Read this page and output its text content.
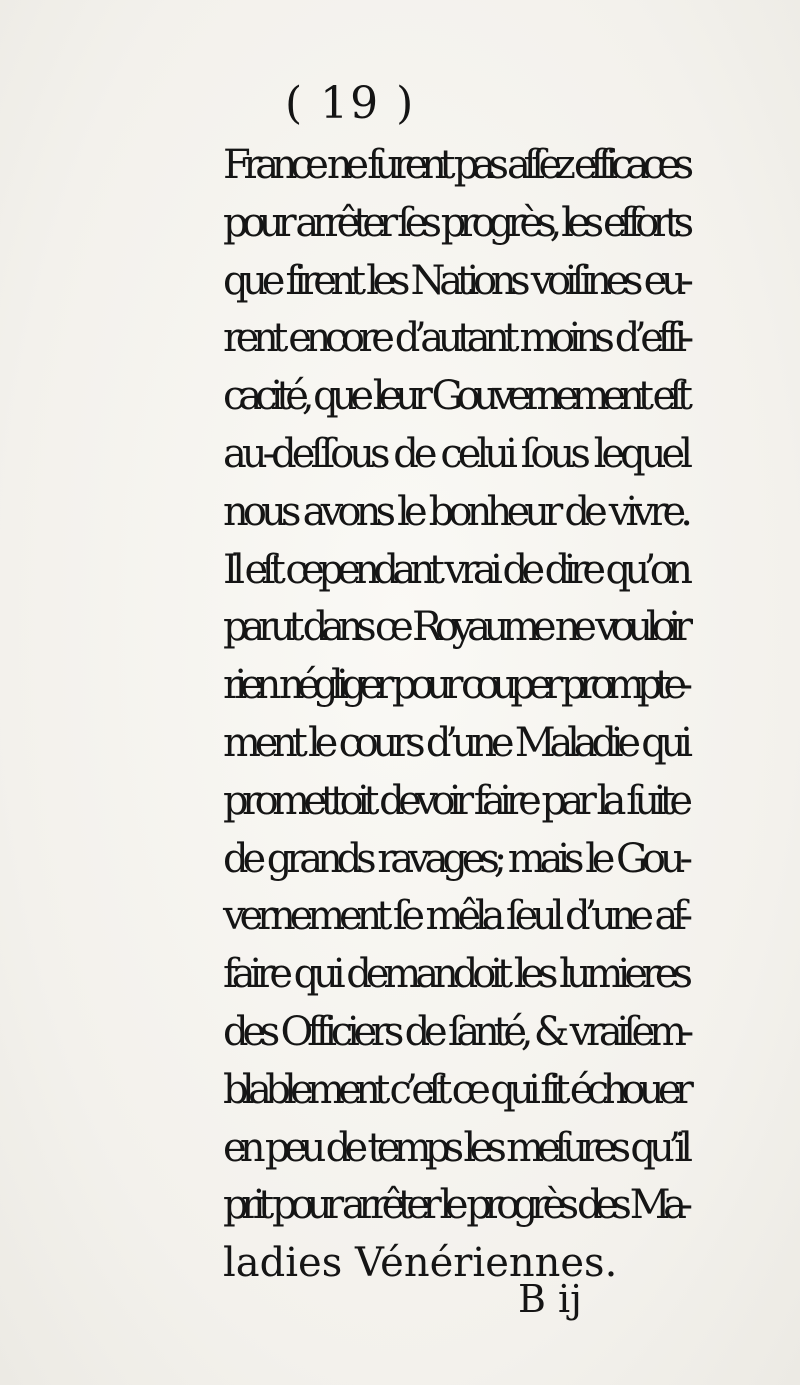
( 19 )

France ne furent pas aſſez efficaces
pour arrêter ſes progrès, les efforts
que firent les Nations voiſines eu-
rent encore d’autant moins d’effi-
cacité, que leur Gouvernement eſt
au-deſſous de celui ſous lequel
nous avons le bonheur de vivre.
Il eſt cependant vrai de dire qu’on
parut dans ce Royaume ne vouloir
rien négliger pour couper prompte-
ment le cours d’une Maladie qui
promettoit devoir faire par la ſuite
de grands ravages; mais le Gou-
vernement ſe mêla ſeul d’une af-
faire qui demandoit les lumieres
des Officiers de ſanté, & vraiſem-
blablement c’eſt ce qui fit échouer
en peu de temps les meſures qu’il
prit pour arrêter le progrès des Ma-
ladies Vénériennes.

B ij
